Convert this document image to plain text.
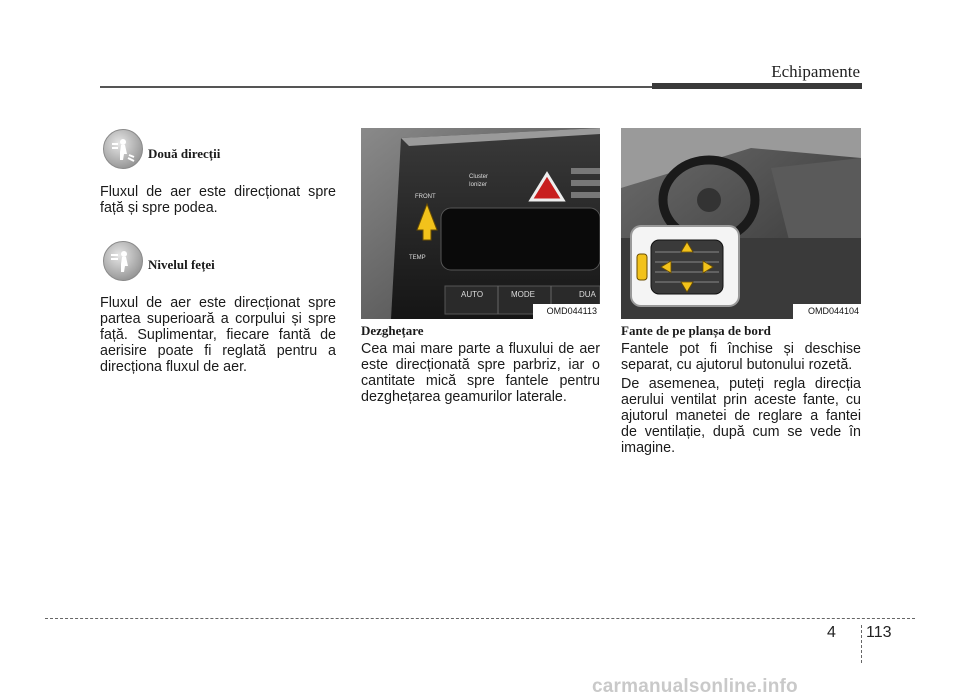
Echipamente
Două direcții
Fluxul de aer este direcționat spre față și spre podea.
Nivelul feței
Fluxul de aer este direcționat spre partea superioară a corpului și spre față. Suplimentar, fiecare fantă de aerisire poate fi reglată pentru a direcționa fluxul de aer.
FRONT
Cluster
Ionizer
TEMP
AUTO	MODE	DUA
OMD044113
Dezghețare
Cea mai mare parte a fluxului de aer este direcționată spre parbriz, iar o cantitate mică spre fantele pentru dezghețarea geamurilor laterale.
OMD044104
Fante de pe planșa de bord
Fantele pot fi închise și deschise separat, cu ajutorul butonului rozetă.
De asemenea, puteți regla direcția aerului ventilat prin aceste fante, cu ajutorul manetei de reglare a fantei de ventilație, după cum se vede în imagine.
4 113
carmanualsonline.info
